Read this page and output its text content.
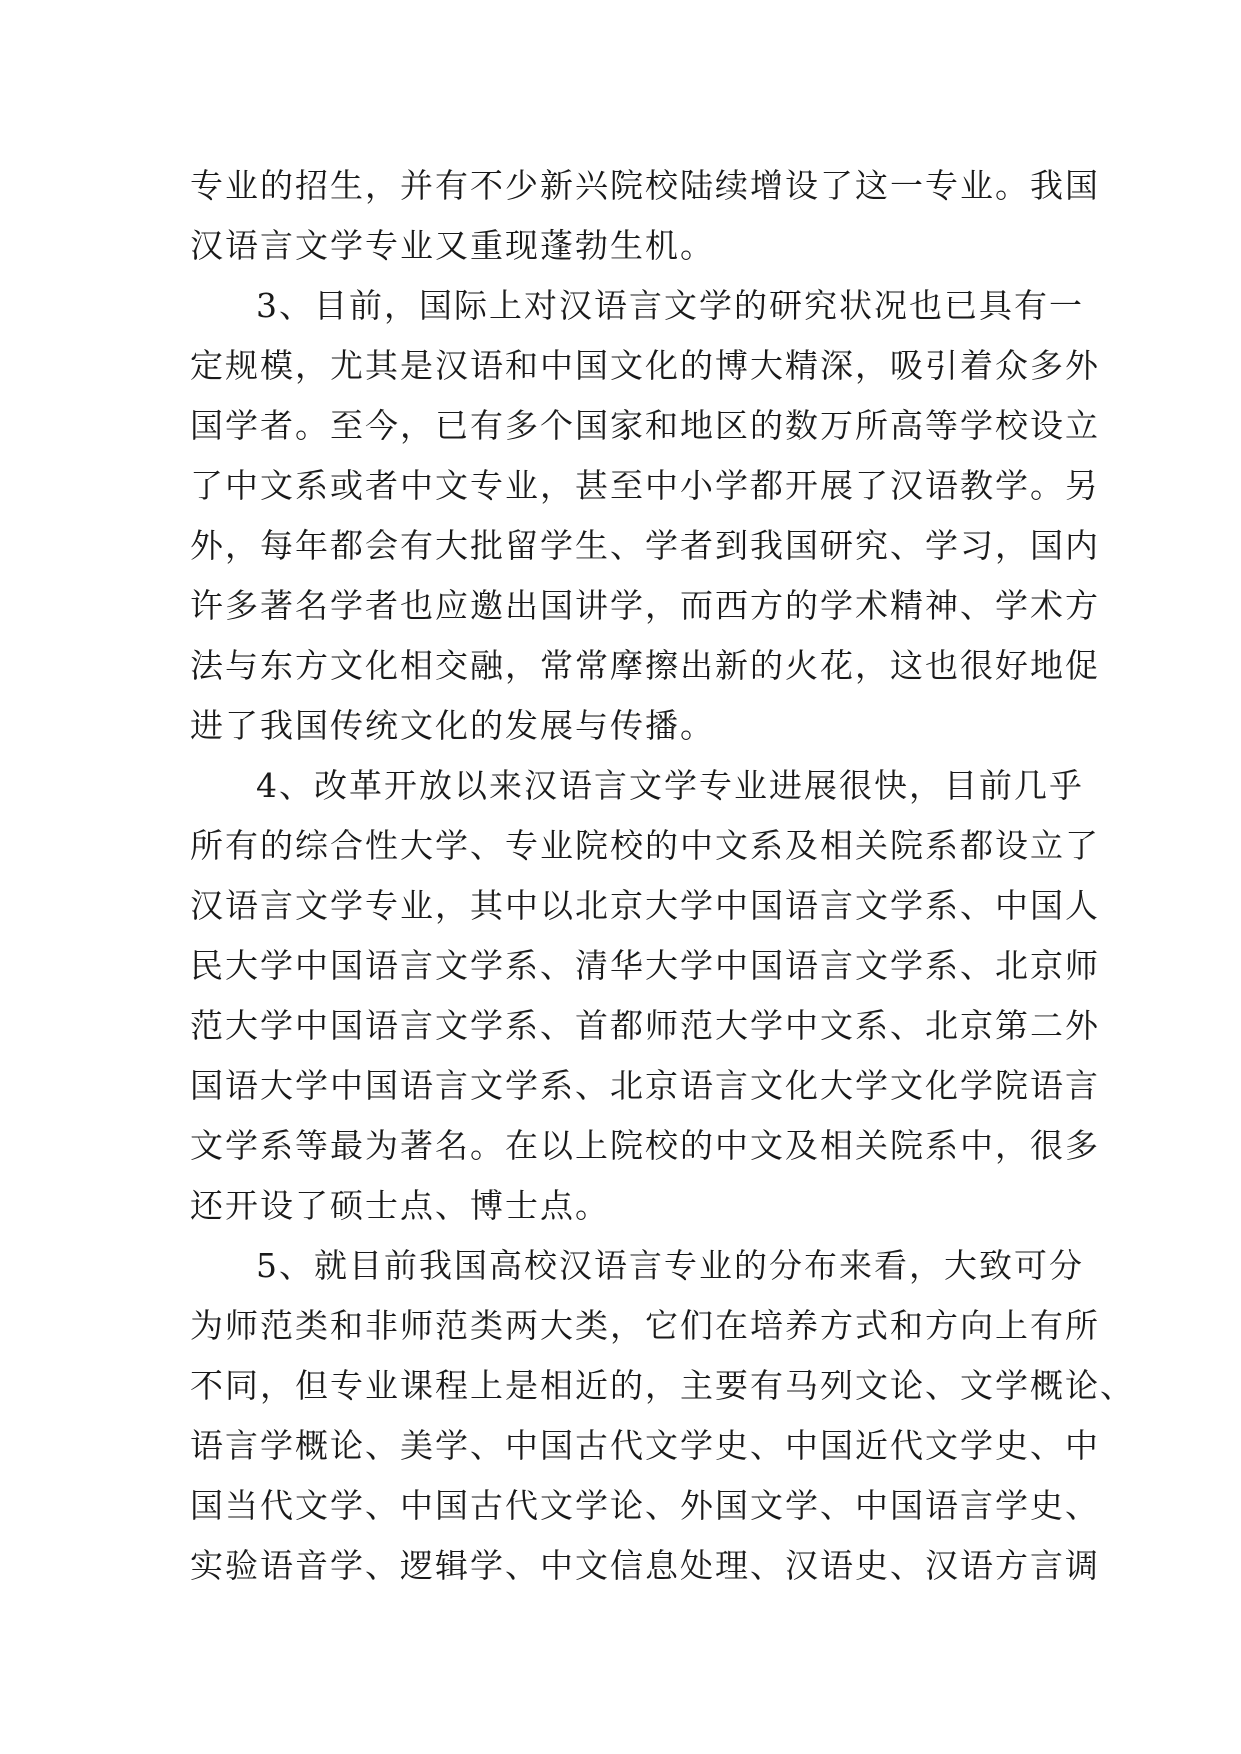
专业的招生，并有不少新兴院校陆续增设了这一专业。我国
汉语言文学专业又重现蓬勃生机。
3、目前，国际上对汉语言文学的研究状况也已具有一
定规模，尤其是汉语和中国文化的博大精深，吸引着众多外
国学者。至今，已有多个国家和地区的数万所高等学校设立
了中文系或者中文专业，甚至中小学都开展了汉语教学。另
外，每年都会有大批留学生、学者到我国研究、学习，国内
许多著名学者也应邀出国讲学，而西方的学术精神、学术方
法与东方文化相交融，常常摩擦出新的火花，这也很好地促
进了我国传统文化的发展与传播。
4、改革开放以来汉语言文学专业进展很快，目前几乎
所有的综合性大学、专业院校的中文系及相关院系都设立了
汉语言文学专业，其中以北京大学中国语言文学系、中国人
民大学中国语言文学系、清华大学中国语言文学系、北京师
范大学中国语言文学系、首都师范大学中文系、北京第二外
国语大学中国语言文学系、北京语言文化大学文化学院语言
文学系等最为著名。在以上院校的中文及相关院系中，很多
还开设了硕士点、博士点。
5、就目前我国高校汉语言专业的分布来看，大致可分
为师范类和非师范类两大类，它们在培养方式和方向上有所
不同，但专业课程上是相近的，主要有马列文论、文学概论、
语言学概论、美学、中国古代文学史、中国近代文学史、中
国当代文学、中国古代文学论、外国文学、中国语言学史、
实验语音学、逻辑学、中文信息处理、汉语史、汉语方言调
